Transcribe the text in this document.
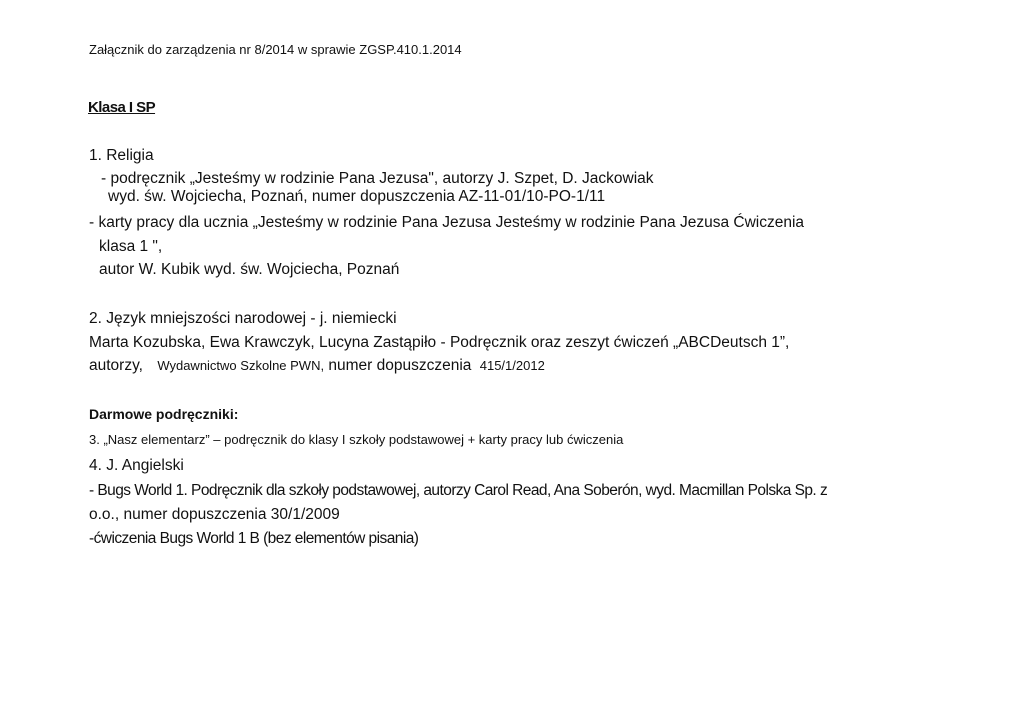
Załącznik do zarządzenia nr 8/2014 w sprawie ZGSP.410.1.2014
Klasa I SP
1. Religia
- podręcznik „Jesteśmy w rodzinie Pana Jezusa", autorzy J. Szpet, D. Jackowiak
wyd. św. Wojciecha, Poznań, numer dopuszczenia AZ-11-01/10-PO-1/11
- karty pracy dla ucznia „Jesteśmy w rodzinie Pana Jezusa Jesteśmy w rodzinie Pana Jezusa Ćwiczenia
klasa 1 ",
autor W. Kubik wyd. św. Wojciecha, Poznań
2. Język mniejszości narodowej - j. niemiecki
Marta Kozubska, Ewa Krawczyk, Lucyna Zastąpiło - Podręcznik oraz zeszyt ćwiczeń „ABCDeutsch 1”,
autorzy, Wydawnictwo Szkolne PWN, numer dopuszczenia 415/1/2012
Darmowe podręczniki:
3. „Nasz elementarz” – podręcznik do klasy I szkoły podstawowej + karty pracy lub ćwiczenia
4. J. Angielski
- Bugs World 1. Podręcznik dla szkoły podstawowej, autorzy Carol Read, Ana Soberón, wyd. Macmillan Polska Sp. z
o.o., numer dopuszczenia 30/1/2009
-ćwiczenia Bugs World 1 B (bez elementów pisania)
